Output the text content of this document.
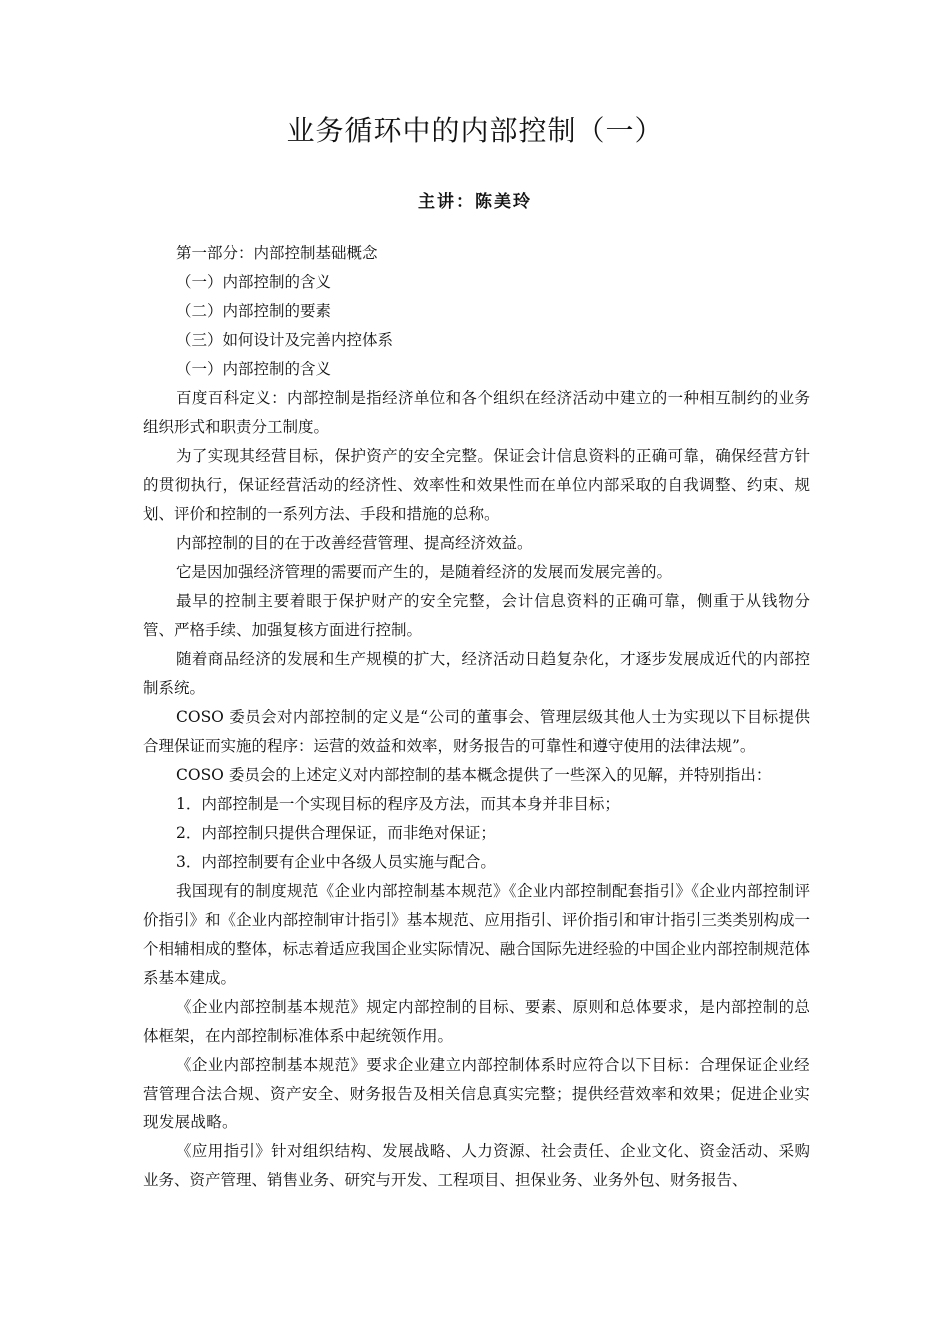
业务循环中的内部控制（一）
主讲：陈美玲

第一部分：内部控制基础概念

（一）内部控制的含义

（二）内部控制的要素

（三）如何设计及完善内控体系

（一）内部控制的含义

百度百科定义：内部控制是指经济单位和各个组织在经济活动中建立的一种相互制约的业务组织形式和职责分工制度。

为了实现其经营目标，保护资产的安全完整。保证会计信息资料的正确可靠，确保经营方针的贯彻执行，保证经营活动的经济性、效率性和效果性而在单位内部采取的自我调整、约束、规划、评价和控制的一系列方法、手段和措施的总称。

内部控制的目的在于改善经营管理、提高经济效益。

它是因加强经济管理的需要而产生的，是随着经济的发展而发展完善的。

最早的控制主要着眼于保护财产的安全完整，会计信息资料的正确可靠，侧重于从钱物分管、严格手续、加强复核方面进行控制。

随着商品经济的发展和生产规模的扩大，经济活动日趋复杂化，才逐步发展成近代的内部控制系统。

COSO 委员会对内部控制的定义是“公司的董事会、管理层级其他人士为实现以下目标提供合理保证而实施的程序：运营的效益和效率，财务报告的可靠性和遵守使用的法律法规”。

COSO 委员会的上述定义对内部控制的基本概念提供了一些深入的见解，并特别指出：

1．内部控制是一个实现目标的程序及方法，而其本身并非目标；

2．内部控制只提供合理保证，而非绝对保证；

3．内部控制要有企业中各级人员实施与配合。

我国现有的制度规范《企业内部控制基本规范》《企业内部控制配套指引》《企业内部控制评价指引》和《企业内部控制审计指引》基本规范、应用指引、评价指引和审计指引三类类别构成一个相辅相成的整体，标志着适应我国企业实际情况、融合国际先进经验的中国企业内部控制规范体系基本建成。

《企业内部控制基本规范》规定内部控制的目标、要素、原则和总体要求，是内部控制的总体框架，在内部控制标准体系中起统领作用。

《企业内部控制基本规范》要求企业建立内部控制体系时应符合以下目标：合理保证企业经营管理合法合规、资产安全、财务报告及相关信息真实完整；提供经营效率和效果；促进企业实现发展战略。

《应用指引》针对组织结构、发展战略、人力资源、社会责任、企业文化、资金活动、采购业务、资产管理、销售业务、研究与开发、工程项目、担保业务、业务外包、财务报告、
